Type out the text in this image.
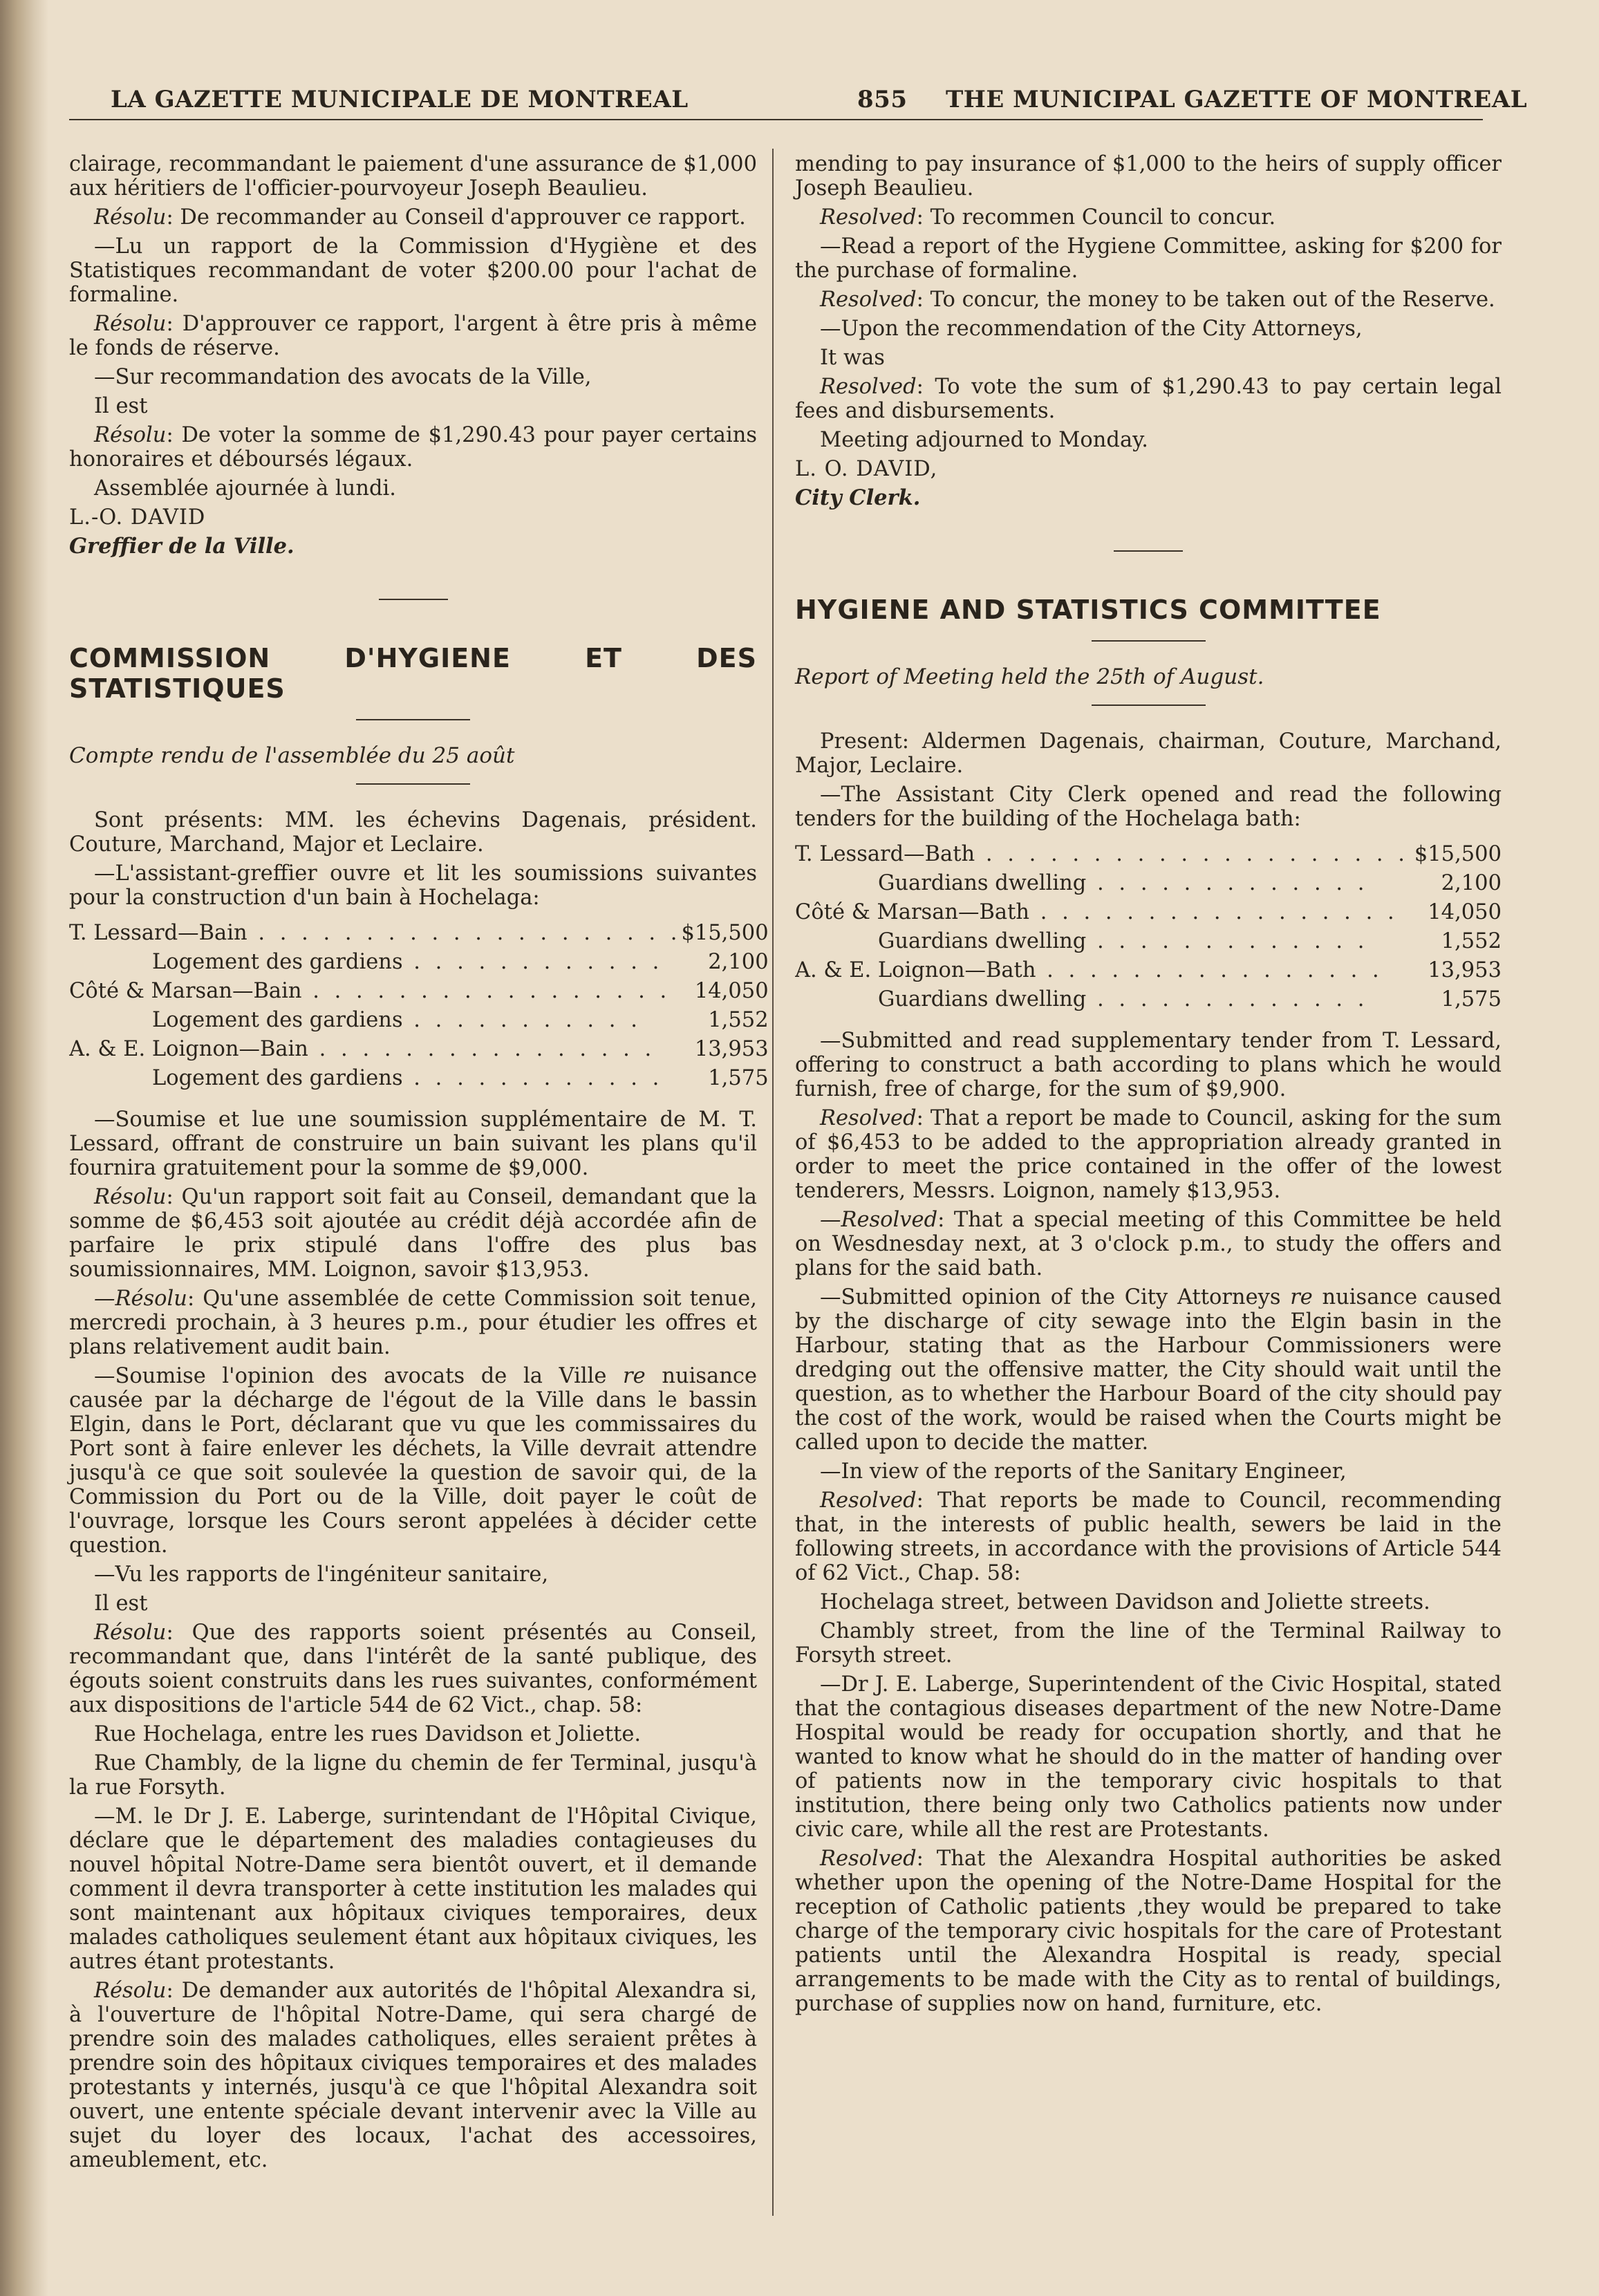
LA GAZETTE MUNICIPALE DE MONTREAL	855 THE MUNICIPAL GAZETTE OF MONTREAL

clairage, recommandant le paiement d'une assurance de $1,000 aux héritiers de l'officier-pourvoyeur Joseph Beaulieu.

Résolu: De recommander au Conseil d'approuver ce rapport.

—Lu un rapport de la Commission d'Hygiène et des Statistiques recommandant de voter $200.00 pour l'achat de formaline.

Résolu: D'approuver ce rapport, l'argent à être pris à même le fonds de réserve.

—Sur recommandation des avocats de la Ville,

Il est

Résolu: De voter la somme de $1,290.43 pour payer certains honoraires et déboursés légaux.

Assemblée ajournée à lundi.

L.-O. DAVID

Greffier de la Ville.

COMMISSION D'HYGIENE ET DES STATISTIQUES

Compte rendu de l'assemblée du 25 août

Sont présents: MM. les échevins Dagenais, président. Couture, Marchand, Major et Leclaire.

—L'assistant-greffier ouvre et lit les soumissions suivantes pour la construction d'un bain à Hochelaga:

T. Lessard—Bain . . . . . . . . . . . . . . . . . . . .	$15,500
Logement des gardiens . . . . . . . . . . . .	2,100
Côté & Marsan—Bain . . . . . . . . . . . . . . . . .	14,050
Logement des gardiens . . . . . . . . . . .	1,552
A. & E. Loignon—Bain . . . . . . . . . . . . . . . .	13,953
Logement des gardiens . . . . . . . . . . . .	1,575

—Soumise et lue une soumission supplémentaire de M. T. Lessard, offrant de construire un bain suivant les plans qu'il fournira gratuitement pour la somme de $9,000.

Résolu: Qu'un rapport soit fait au Conseil, demandant que la somme de $6,453 soit ajoutée au crédit déjà accordée afin de parfaire le prix stipulé dans l'offre des plus bas soumissionnaires, MM. Loignon, savoir $13,953.

—Résolu: Qu'une assemblée de cette Commission soit tenue, mercredi prochain, à 3 heures p.m., pour étudier les offres et plans relativement audit bain.

—Soumise l'opinion des avocats de la Ville re nuisance causée par la décharge de l'égout de la Ville dans le bassin Elgin, dans le Port, déclarant que vu que les commissaires du Port sont à faire enlever les déchets, la Ville devrait attendre jusqu'à ce que soit soulevée la question de savoir qui, de la Commission du Port ou de la Ville, doit payer le coût de l'ouvrage, lorsque les Cours seront appelées à décider cette question.

—Vu les rapports de l'ingéniteur sanitaire,

Il est

Résolu: Que des rapports soient présentés au Conseil, recommandant que, dans l'intérêt de la santé publique, des égouts soient construits dans les rues suivantes, conformément aux dispositions de l'article 544 de 62 Vict., chap. 58:

Rue Hochelaga, entre les rues Davidson et Joliette.

Rue Chambly, de la ligne du chemin de fer Terminal, jusqu'à la rue Forsyth.

—M. le Dr J. E. Laberge, surintendant de l'Hôpital Civique, déclare que le département des maladies contagieuses du nouvel hôpital Notre-Dame sera bientôt ouvert, et il demande comment il devra transporter à cette institution les malades qui sont maintenant aux hôpitaux civiques temporaires, deux malades catholiques seulement étant aux hôpitaux civiques, les autres étant protestants.

Résolu: De demander aux autorités de l'hôpital Alexandra si, à l'ouverture de l'hôpital Notre-Dame, qui sera chargé de prendre soin des malades catholiques, elles seraient prêtes à prendre soin des hôpitaux civiques temporaires et des malades protestants y internés, jusqu'à ce que l'hôpital Alexandra soit ouvert, une entente spéciale devant intervenir avec la Ville au sujet du loyer des locaux, l'achat des accessoires, ameublement, etc.

mending to pay insurance of $1,000 to the heirs of supply officer Joseph Beaulieu.

Resolved: To recommen Council to concur.

—Read a report of the Hygiene Committee, asking for $200 for the purchase of formaline.

Resolved: To concur, the money to be taken out of the Reserve.

—Upon the recommendation of the City Attorneys,

It was

Resolved: To vote the sum of $1,290.43 to pay certain legal fees and disbursements.

Meeting adjourned to Monday.

L. O. DAVID,

City Clerk.

HYGIENE AND STATISTICS COMMITTEE

Report of Meeting held the 25th of August.

Present: Aldermen Dagenais, chairman, Couture, Marchand, Major, Leclaire.

—The Assistant City Clerk opened and read the following tenders for the building of the Hochelaga bath:

T. Lessard—Bath . . . . . . . . . . . . . . . . . . . .	$15,500
Guardians dwelling . . . . . . . . . . . . .	2,100
Côté & Marsan—Bath . . . . . . . . . . . . . . . . .	14,050
Guardians dwelling . . . . . . . . . . . . .	1,552
A. & E. Loignon—Bath . . . . . . . . . . . . . . . .	13,953
Guardians dwelling . . . . . . . . . . . . .	1,575

—Submitted and read supplementary tender from T. Lessard, offering to construct a bath according to plans which he would furnish, free of charge, for the sum of $9,900.

Resolved: That a report be made to Council, asking for the sum of $6,453 to be added to the appropriation already granted in order to meet the price contained in the offer of the lowest tenderers, Messrs. Loignon, namely $13,953.

—Resolved: That a special meeting of this Committee be held on Wesdnesday next, at 3 o'clock p.m., to study the offers and plans for the said bath.

—Submitted opinion of the City Attorneys re nuisance caused by the discharge of city sewage into the Elgin basin in the Harbour, stating that as the Harbour Commissioners were dredging out the offensive matter, the City should wait until the question, as to whether the Harbour Board of the city should pay the cost of the work, would be raised when the Courts might be called upon to decide the matter.

—In view of the reports of the Sanitary Engineer,

Resolved: That reports be made to Council, recommending that, in the interests of public health, sewers be laid in the following streets, in accordance with the provisions of Article 544 of 62 Vict., Chap. 58:

Hochelaga street, between Davidson and Joliette streets.

Chambly street, from the line of the Terminal Railway to Forsyth street.

—Dr J. E. Laberge, Superintendent of the Civic Hospital, stated that the contagious diseases department of the new Notre-Dame Hospital would be ready for occupation shortly, and that he wanted to know what he should do in the matter of handing over of patients now in the temporary civic hospitals to that institution, there being only two Catholics patients now under civic care, while all the rest are Protestants.

Resolved: That the Alexandra Hospital authorities be asked whether upon the opening of the Notre-Dame Hospital for the reception of Catholic patients ,they would be prepared to take charge of the temporary civic hospitals for the care of Protestant patients until the Alexandra Hospital is ready, special arrangements to be made with the City as to rental of buildings, purchase of supplies now on hand, furniture, etc.
